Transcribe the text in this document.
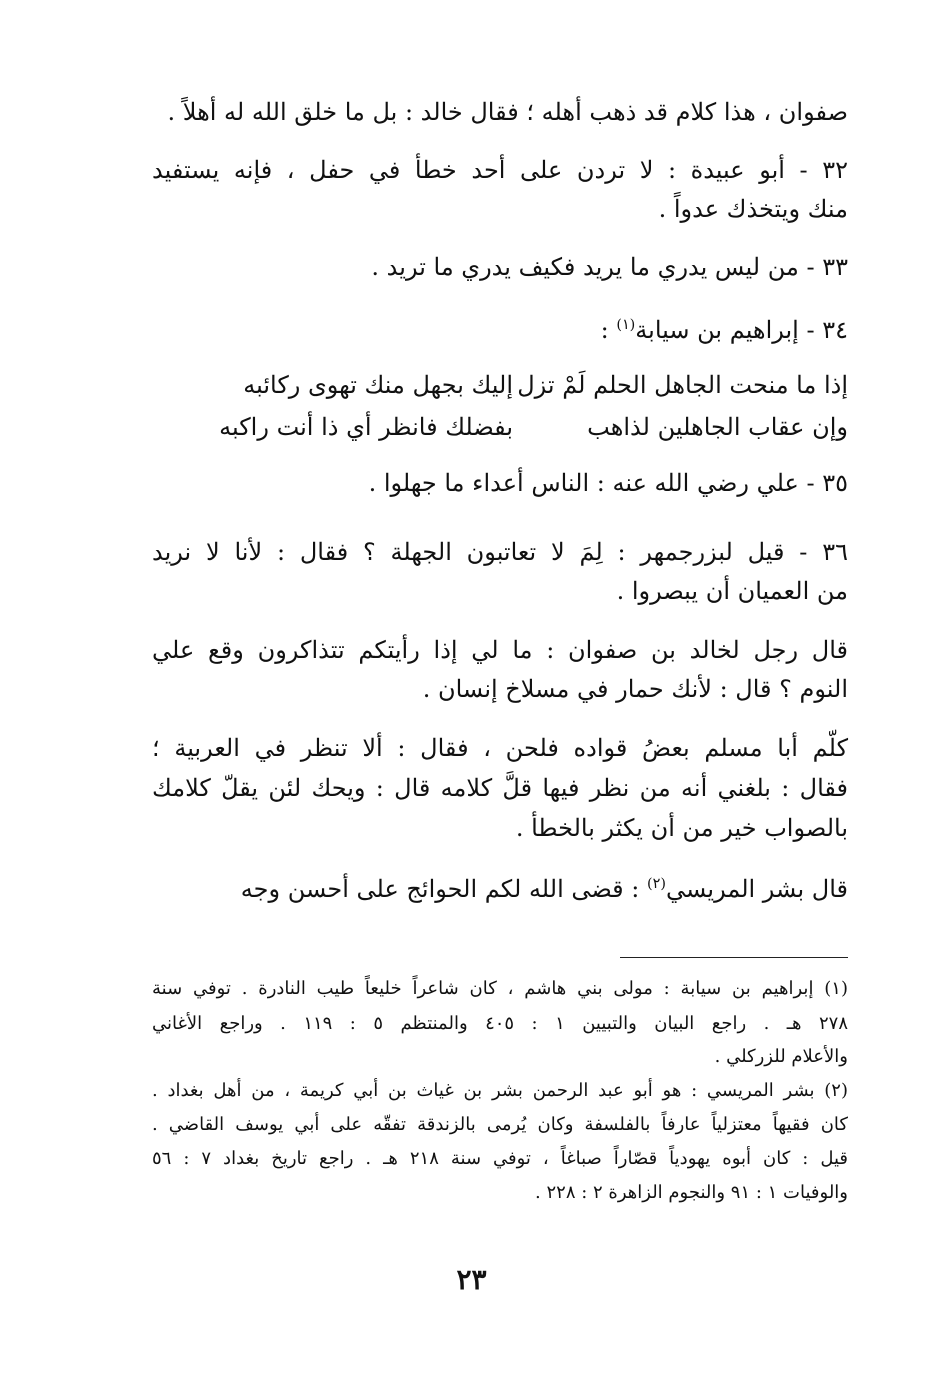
صفوان ، هذا كلام قد ذهب أهله ؛ فقال خالد : بل ما خلق الله له أهلاً .
٣٢ - أبو عبيدة : لا تردن على أحد خطأ في حفل ، فإنه يستفيد
منك ويتخذك عدواً .
٣٣ - من ليس يدري ما يريد فكيف يدري ما تريد .
٣٤ - إبراهيم بن سيابة$^{(١)}$ :
إذا ما منحت الجاهل الحلم لَمْ تزل
إليك بجهل منك تهوى ركائبه
وإن عقاب الجاهلين لذاهب
بفضلك فانظر أي ذا أنت راكبه
٣٥ - علي رضي الله عنه : الناس أعداء ما جهلوا .
٣٦ - قيل لبزرجمهر : لِمَ لا تعاتبون الجهلة ؟ فقال : لأنا لا نريد
من العميان أن يبصروا .
قال رجل لخالد بن صفوان : ما لي إذا رأيتكم تتذاكرون وقع علي
النوم ؟ قال : لأنك حمار في مسلاخ إنسان .
كلّم أبا مسلم بعضُ قواده فلحن ، فقال : ألا تنظر في العربية ؛
فقال : بلغني أنه من نظر فيها قلَّ كلامه قال : ويحك لئن يقلّ كلامك
بالصواب خير من أن يكثر بالخطأ .
قال بشر المريسي$^{(٢)}$ : قضى الله لكم الحوائج على أحسن وجه
(١) إبراهيم بن سيابة : مولى بني هاشم ، كان شاعراً خليعاً طيب النادرة . توفي سنة
٢٧٨ هـ . راجع البيان والتبيين ١ : ٤٠٥ والمنتظم ٥ : ١١٩ . وراجع الأغاني
والأعلام للزركلي .
(٢) بشر المريسي : هو أبو عبد الرحمن بشر بن غياث بن أبي كريمة ، من أهل بغداد .
كان فقيهاً معتزلياً عارفاً بالفلسفة وكان يُرمى بالزندقة تفقّه على أبي يوسف القاضي .
قيل : كان أبوه يهودياً قصّاراً صباغاً ، توفي سنة ٢١٨ هـ . راجع تاريخ بغداد ٧ : ٥٦
والوفيات ١ : ٩١ والنجوم الزاهرة ٢ : ٢٢٨ .
٢٣
